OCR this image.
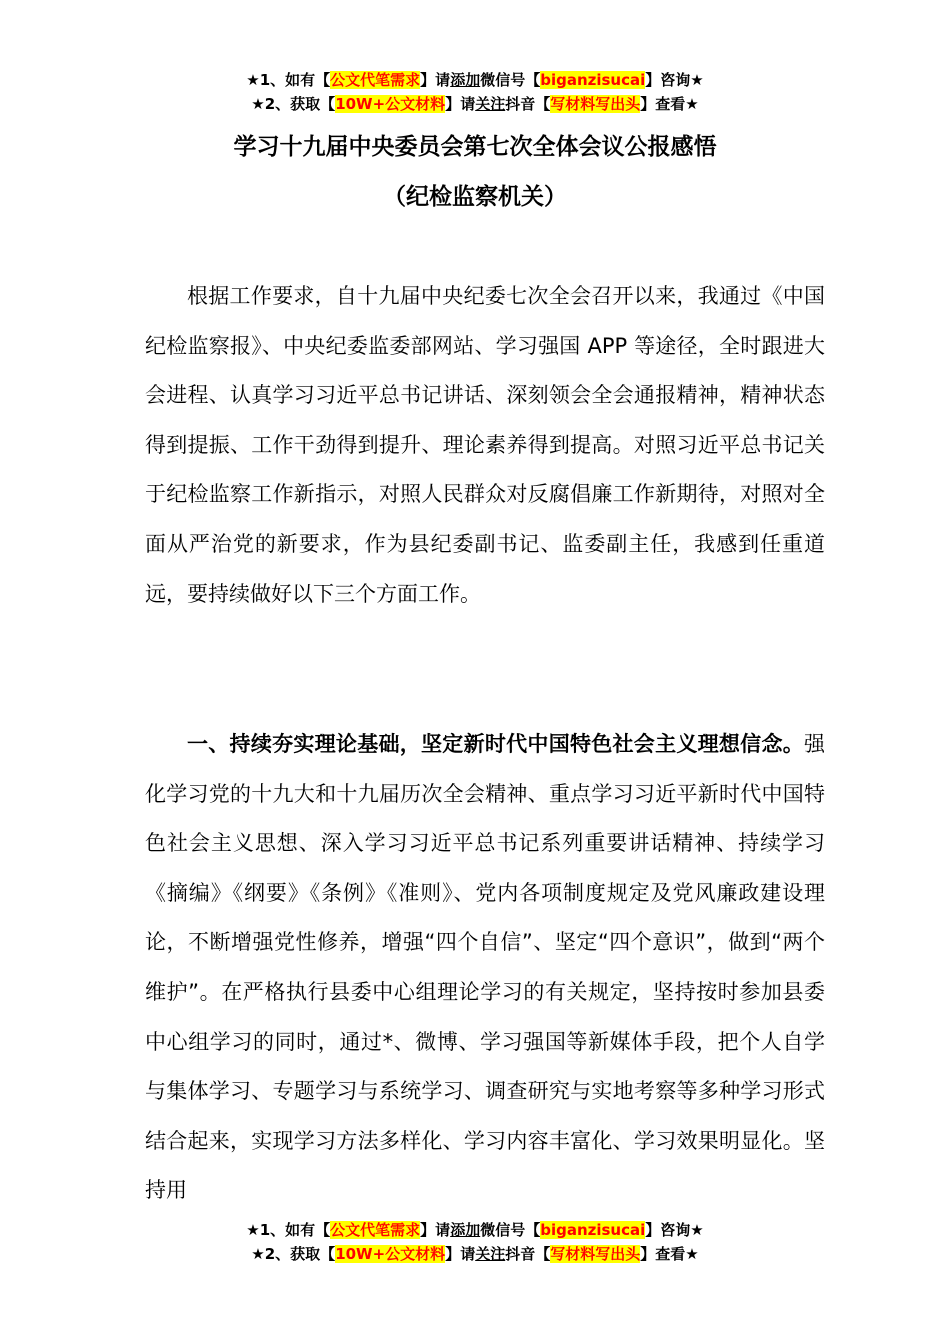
★1、如有【公文代笔需求】请添加微信号【biganzisucai】咨询★
★2、获取【10W+公文材料】请关注抖音【写材料写出头】查看★
学习十九届中央委员会第七次全体会议公报感悟
（纪检监察机关）

根据工作要求，自十九届中央纪委七次全会召开以来，我通过《中国纪检监察报》、中央纪委监委部网站、学习强国 APP 等途径，全时跟进大会进程、认真学习习近平总书记讲话、深刻领会全会通报精神，精神状态得到提振、工作干劲得到提升、理论素养得到提高。对照习近平总书记关于纪检监察工作新指示，对照人民群众对反腐倡廉工作新期待，对照对全面从严治党的新要求，作为县纪委副书记、监委副主任，我感到任重道远，要持续做好以下三个方面工作。

一、持续夯实理论基础，坚定新时代中国特色社会主义理想信念。强化学习党的十九大和十九届历次全会精神、重点学习习近平新时代中国特色社会主义思想、深入学习习近平总书记系列重要讲话精神、持续学习《摘编》《纲要》《条例》《准则》、党内各项制度规定及党风廉政建设理论，不断增强党性修养，增强“四个自信”、坚定“四个意识”，做到“两个维护”。在严格执行县委中心组理论学习的有关规定，坚持按时参加县委中心组学习的同时，通过*、微博、学习强国等新媒体手段，把个人自学与集体学习、专题学习与系统学习、调查研究与实地考察等多种学习形式结合起来，实现学习方法多样化、学习内容丰富化、学习效果明显化。坚持用

★1、如有【公文代笔需求】请添加微信号【biganzisucai】咨询★
★2、获取【10W+公文材料】请关注抖音【写材料写出头】查看★
